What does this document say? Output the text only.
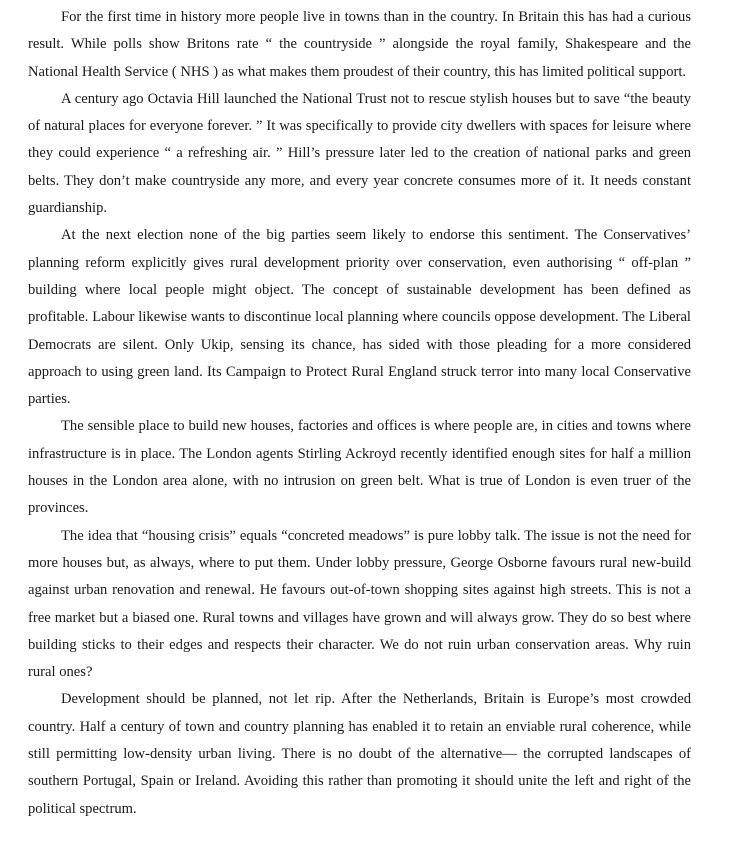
For the first time in history more people live in towns than in the country. In Britain this has had a curious result. While polls show Britons rate “ the countryside ” alongside the royal family, Shakespeare and the National Health Service ( NHS ) as what makes them proudest of their country, this has limited political support.

A century ago Octavia Hill launched the National Trust not to rescue stylish houses but to save “the beauty of natural places for everyone forever. ” It was specifically to provide city dwellers with spaces for leisure where they could experience “ a refreshing air. ” Hill’s pressure later led to the creation of national parks and green belts. They don’t make countryside any more, and every year concrete consumes more of it. It needs constant guardianship.

At the next election none of the big parties seem likely to endorse this sentiment. The Conservatives’ planning reform explicitly gives rural development priority over conservation, even authorising “ off-plan ” building where local people might object. The concept of sustainable development has been defined as profitable. Labour likewise wants to discontinue local planning where councils oppose development. The Liberal Democrats are silent. Only Ukip, sensing its chance, has sided with those pleading for a more considered approach to using green land. Its Campaign to Protect Rural England struck terror into many local Conservative parties.

The sensible place to build new houses, factories and offices is where people are, in cities and towns where infrastructure is in place. The London agents Stirling Ackroyd recently identified enough sites for half a million houses in the London area alone, with no intrusion on green belt. What is true of London is even truer of the provinces.

The idea that “housing crisis” equals “concreted meadows” is pure lobby talk. The issue is not the need for more houses but, as always, where to put them. Under lobby pressure, George Osborne favours rural new-build against urban renovation and renewal. He favours out-of-town shopping sites against high streets. This is not a free market but a biased one. Rural towns and villages have grown and will always grow. They do so best where building sticks to their edges and respects their character. We do not ruin urban conservation areas. Why ruin rural ones?

Development should be planned, not let rip. After the Netherlands, Britain is Europe’s most crowded country. Half a century of town and country planning has enabled it to retain an enviable rural coherence, while still permitting low-density urban living. There is no doubt of the alternative— the corrupted landscapes of southern Portugal, Spain or Ireland. Avoiding this rather than promoting it should unite the left and right of the political spectrum.
